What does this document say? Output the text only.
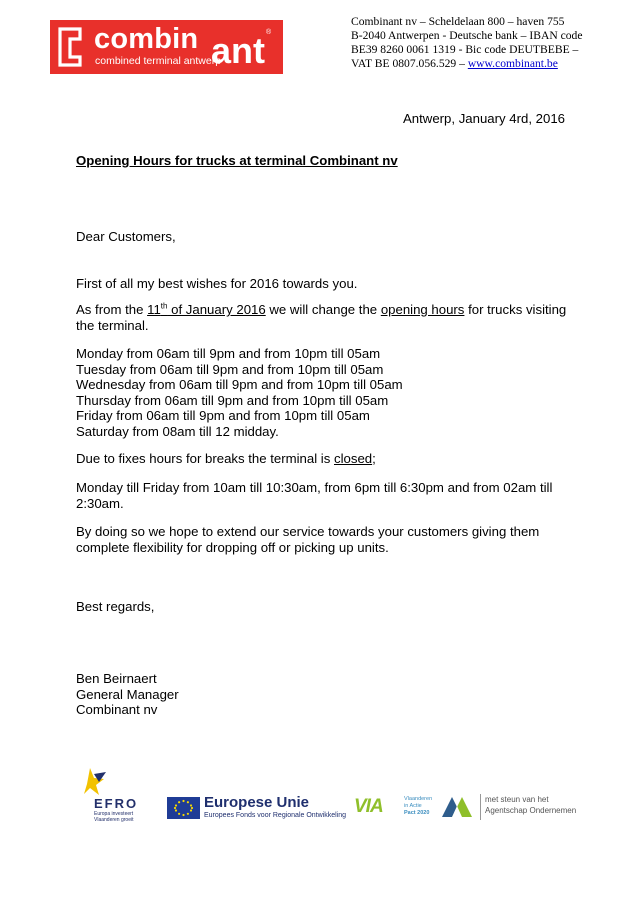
combin ant ®
combined terminal antwerp
Combinant nv – Scheldelaan 800 – haven 755
B-2040 Antwerpen - Deutsche bank – IBAN code
BE39 8260 0061 1319 - Bic code DEUTBEBE –
VAT BE 0807.056.529 – www.combinant.be
Antwerp, January 4rd, 2016
Opening Hours for trucks at terminal Combinant nv
Dear Customers,
First of all my best wishes for 2016 towards you.
As from the 11th of January 2016 we will change the opening hours for trucks visiting
the terminal.
Monday from 06am till 9pm and from 10pm till 05am
Tuesday from 06am till 9pm and from 10pm till 05am
Wednesday from 06am till 9pm and from 10pm till 05am
Thursday from 06am till 9pm and from 10pm till 05am
Friday from 06am till 9pm and from 10pm till 05am
Saturday from 08am till 12 midday.
Due to fixes hours for breaks the terminal is closed;
Monday till Friday from 10am till 10:30am, from 6pm till 6:30pm and from 02am till
2:30am.
By doing so we hope to extend our service towards your customers giving them
complete flexibility for dropping off or picking up units.
Best regards,
Ben Beirnaert
General Manager
Combinant nv
EFRO
Europa investeert
Vlaanderen groeit
Europese Unie
Europees Fonds voor Regionale Ontwikkeling VIA	Vlaanderen
in Actie
Pact 2020
met steun van het
Agentschap Ondernemen
